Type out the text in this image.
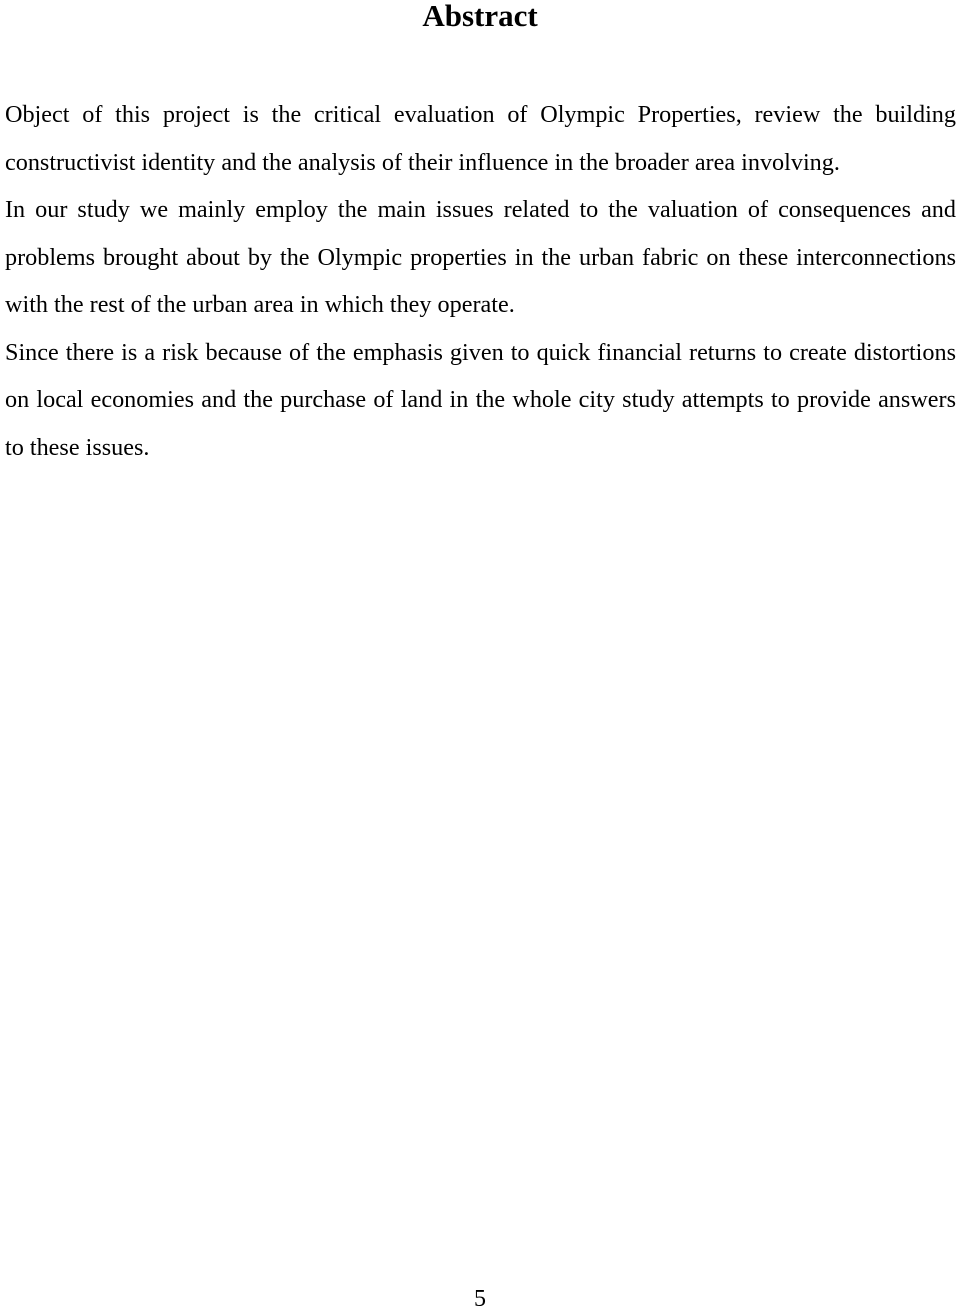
Abstract

Object of this project is the critical evaluation of Olympic Properties, review the building constructivist identity and the analysis of their influence in the broader area involving.

In our study we mainly employ the main issues related to the valuation of consequences and problems brought about by the Olympic properties in the urban fabric on these interconnections with the rest of the urban area in which they operate.

Since there is a risk because of the emphasis given to quick financial returns to create distortions on local economies and the purchase of land in the whole city study attempts to provide answers to these issues.

5
